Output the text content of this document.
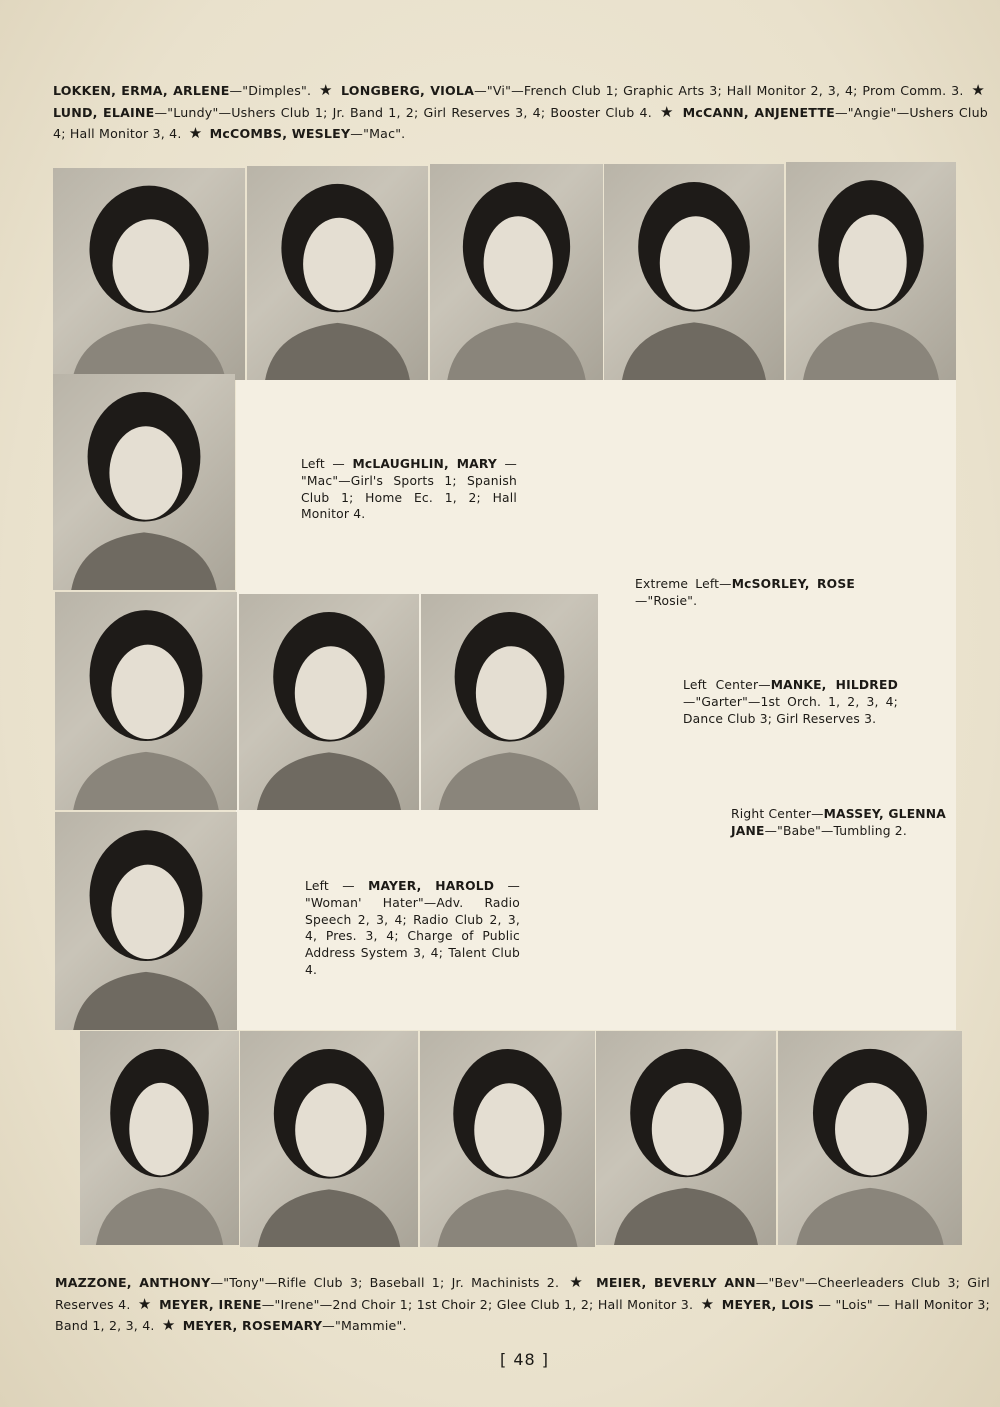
LOKKEN, ERMA, ARLENE—"Dimples". ★ LONGBERG, VIOLA—"Vi"—French Club 1; Graphic Arts 3; Hall Monitor 2, 3, 4; Prom Comm. 3. ★ LUND, ELAINE—"Lundy"—Ushers Club 1; Jr. Band 1, 2; Girl Reserves 3, 4; Booster Club 4. ★ McCANN, ANJENETTE—"Angie"—Ushers Club 4; Hall Monitor 3, 4. ★ McCOMBS, WESLEY—"Mac".
Left — McLAUGHLIN, MARY — "Mac"—Girl's Sports 1; Spanish Club 1; Home Ec. 1, 2; Hall Monitor 4.
Extreme Left—McSORLEY, ROSE —"Rosie".
Left Center—MANKE, HILDRED —"Garter"—1st Orch. 1, 2, 3, 4; Dance Club 3; Girl Reserves 3.
Right Center—MASSEY, GLENNA JANE—"Babe"—Tumbling 2.
Left — MAYER, HAROLD — "Woman' Hater"—Adv. Radio Speech 2, 3, 4; Radio Club 2, 3, 4, Pres. 3, 4; Charge of Public Address System 3, 4; Talent Club 4.
MAZZONE, ANTHONY—"Tony"—Rifle Club 3; Baseball 1; Jr. Machinists 2. ★ MEIER, BEVERLY ANN—"Bev"—Cheerleaders Club 3; Girl Reserves 4. ★ MEYER, IRENE—"Irene"—2nd Choir 1; 1st Choir 2; Glee Club 1, 2; Hall Monitor 3. ★ MEYER, LOIS — "Lois" — Hall Monitor 3; Band 1, 2, 3, 4. ★ MEYER, ROSEMARY—"Mammie".
[ 48 ]
